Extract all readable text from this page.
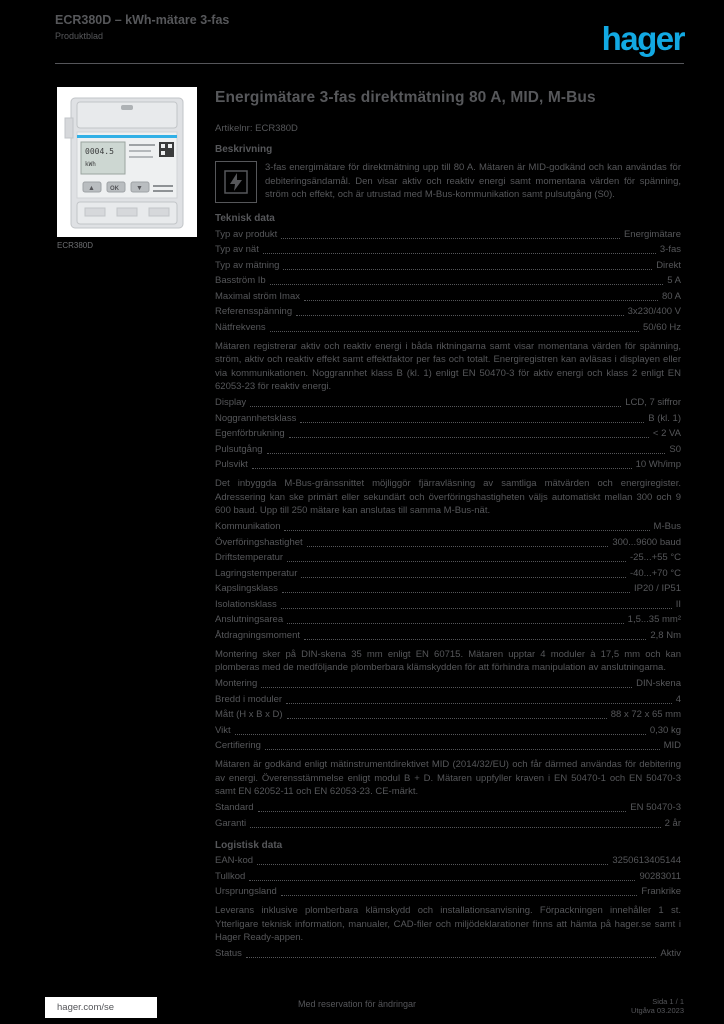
ECR380D – kWh-mätare 3-fas
Produktblad	hager
0004.5
kWh
▲	OK ▼
ECR380D
Energimätare 3-fas direktmätning 80 A, MID, M-Bus
Artikelnr: ECR380D
Beskrivning
3-fas energimätare för direktmätning upp till 80 A. Mätaren är MID-godkänd och kan användas för debiteringsändamål. Den visar aktiv och reaktiv energi samt momentana värden för spänning, ström och effekt, och är utrustad med M-Bus-kommunikation samt pulsutgång (S0).
Teknisk data
Typ av produkt	Energimätare
Typ av nät	3-fas
Typ av mätning	Direkt
Basström Ib	5 A
Maximal ström Imax	80 A
Referensspänning	3x230/400 V
Nätfrekvens	50/60 Hz
Mätaren registrerar aktiv och reaktiv energi i båda riktningarna samt visar momentana värden för spänning, ström, aktiv och reaktiv effekt samt effektfaktor per fas och totalt. Energiregistren kan avläsas i displayen eller via kommunikationen. Noggrannhet klass B (kl. 1) enligt EN 50470-3 för aktiv energi och klass 2 enligt EN 62053-23 för reaktiv energi.
Display	LCD, 7 siffror
Noggrannhetsklass	B (kl. 1)
Egenförbrukning	< 2 VA
Pulsutgång	S0
Pulsvikt	10 Wh/imp
Det inbyggda M-Bus-gränssnittet möjliggör fjärravläsning av samtliga mätvärden och energiregister. Adressering kan ske primärt eller sekundärt och överföringshastigheten väljs automatiskt mellan 300 och 9 600 baud. Upp till 250 mätare kan anslutas till samma M-Bus-nät.
Kommunikation	M-Bus
Överföringshastighet	300...9600 baud
Driftstemperatur	-25...+55 °C
Lagringstemperatur	-40...+70 °C
Kapslingsklass	IP20 / IP51
Isolationsklass	II
Anslutningsarea	1,5...35 mm²
Åtdragningsmoment	2,8 Nm
Montering sker på DIN-skena 35 mm enligt EN 60715. Mätaren upptar 4 moduler à 17,5 mm och kan plomberas med de medföljande plomberbara klämskydden för att förhindra manipulation av anslutningarna.
Montering	DIN-skena
Bredd i moduler	4
Mått (H x B x D)	88 x 72 x 65 mm
Vikt	0,30 kg
Certifiering	MID
Mätaren är godkänd enligt mätinstrumentdirektivet MID (2014/32/EU) och får därmed användas för debitering av energi. Överensstämmelse enligt modul B + D. Mätaren uppfyller kraven i EN 50470-1 och EN 50470-3 samt EN 62052-11 och EN 62053-23. CE-märkt.
Standard	EN 50470-3
Garanti	2 år
Logistisk data
EAN-kod	3250613405144
Tullkod	90283011
Ursprungsland	Frankrike
Leverans inklusive plomberbara klämskydd och installationsanvisning. Förpackningen innehåller 1 st. Ytterligare teknisk information, manualer, CAD-filer och miljödeklarationer finns att hämta på hager.se samt i Hager Ready-appen.
Status	Aktiv
hager.com/se	Med reservation för ändringar	Sida 1 / 1
Utgåva 03.2023
